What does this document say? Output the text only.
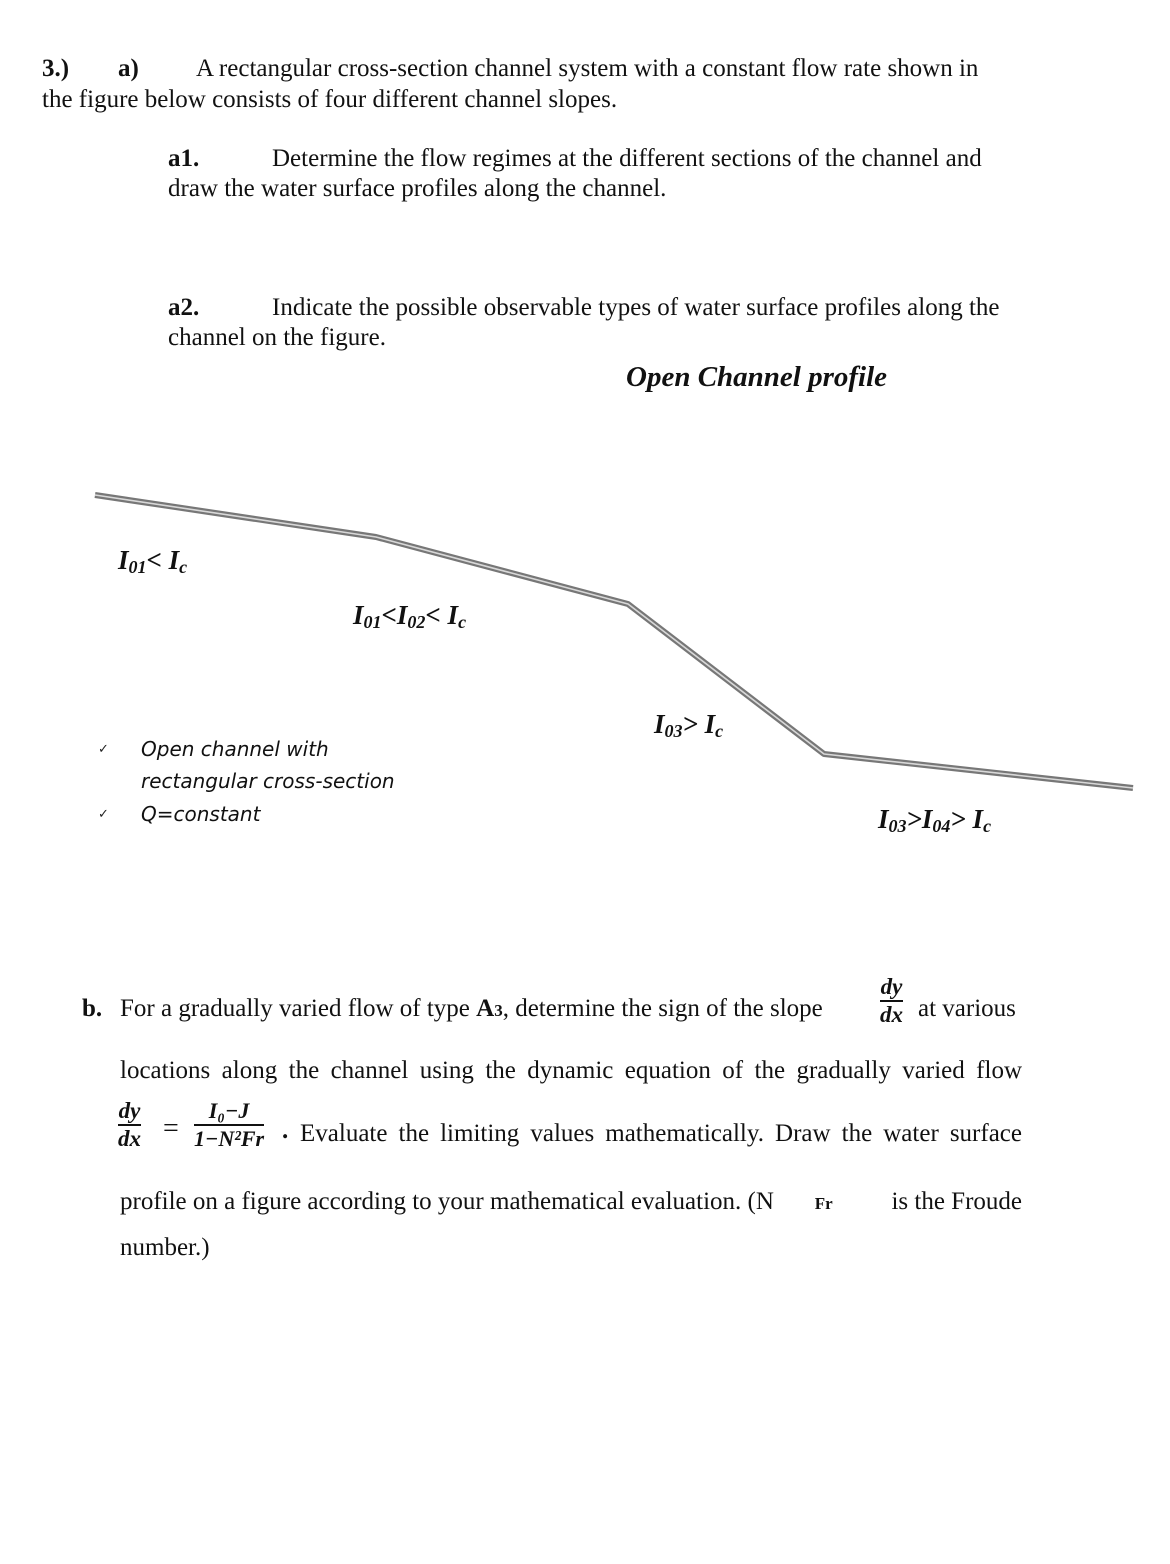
3.) a) A rectangular cross-section channel system with a constant flow rate shown in
the figure below consists of four different channel slopes.
a1.	Determine the flow regimes at the different sections of the channel and
draw the water surface profiles along the channel.
a2.	Indicate the possible observable types of water surface profiles along the
channel on the figure.
Open Channel profile
$I_{01}< I_c$
$I_{01}<I_{02}< I_c$
$I_{03}> I_c$
$I_{03}>I_{04}> I_c$
✓ Open channel with
rectangular cross-section
✓ Q=constant
b. For a gradually varied flow of type A3, determine the sign of the slope
dy
dx at various
locations along the channel using the dynamic equation of the gradually varied flow
dy
dx =
I₀−J
1−N²Fr . Evaluate the limiting values mathematically. Draw the water surface
profile on a figure according to your mathematical evaluation. (N Fr is the Froude
number.)
